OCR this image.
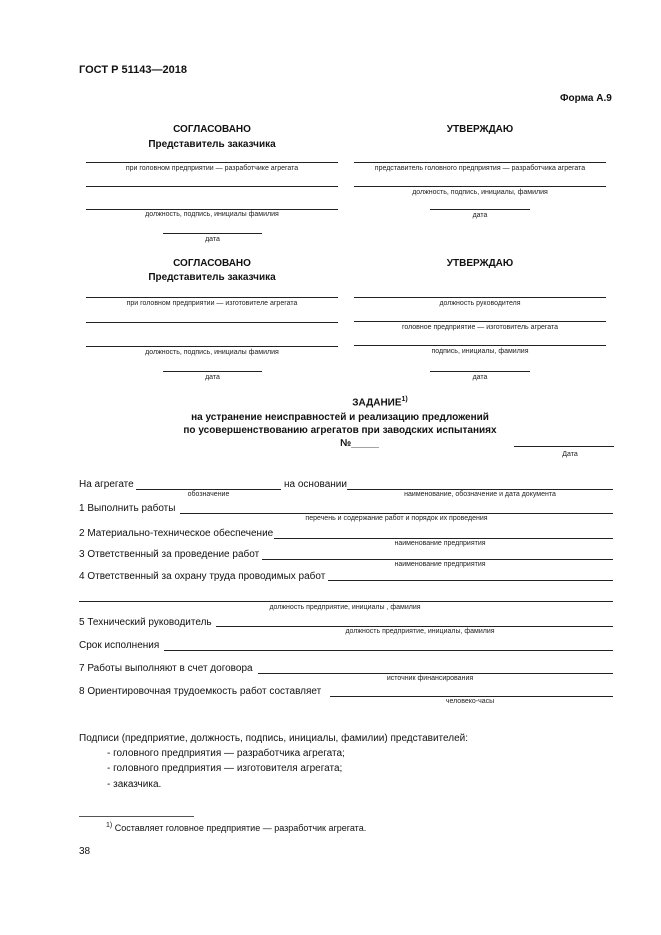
ГОСТ Р 51143—2018
Форма А.9
СОГЛАСОВАНО
Представитель заказчика
УТВЕРЖДАЮ
при головном предприятии — разработчике агрегата
должность, подпись, инициалы фамилия
дата
представитель головного предприятия — разработчика агрегата
должность, подпись, инициалы, фамилия
дата
СОГЛАСОВАНО
Представитель заказчика
УТВЕРЖДАЮ
при головном предприятии — изготовителе агрегата
должность, подпись, инициалы фамилия
дата
должность руководителя
головное предприятие — изготовитель агрегата
подпись, инициалы, фамилия
дата
ЗАДАНИЕ$^{1)}$
на устранение неисправностей и реализацию предложений
по усовершенствованию агрегатов при заводских испытаниях
№_____
Дата
На агрегате
обозначение
на основании
наименование, обозначение и дата документа
1 Выполнить работы
перечень и содержание работ и порядок их проведения
2 Материально-техническое обеспечение
наименование предприятия
3 Ответственный за проведение работ
наименование предприятия
4 Ответственный за охрану труда проводимых работ
должность предприятие, инициалы , фамилия
5 Технический руководитель
должность предприятие, инициалы, фамилия
Срок исполнения
7 Работы выполняют в счет договора
источник финансирования
8 Ориентировочная трудоемкость работ составляет
человеко-часы
Подписи (предприятие, должность, подпись, инициалы, фамилии) представителей:
- головного предприятия — разработчика агрегата;
- головного предприятия — изготовителя агрегата;
- заказчика.
$^{1)}$ Составляет головное предприятие — разработчик агрегата.
38
